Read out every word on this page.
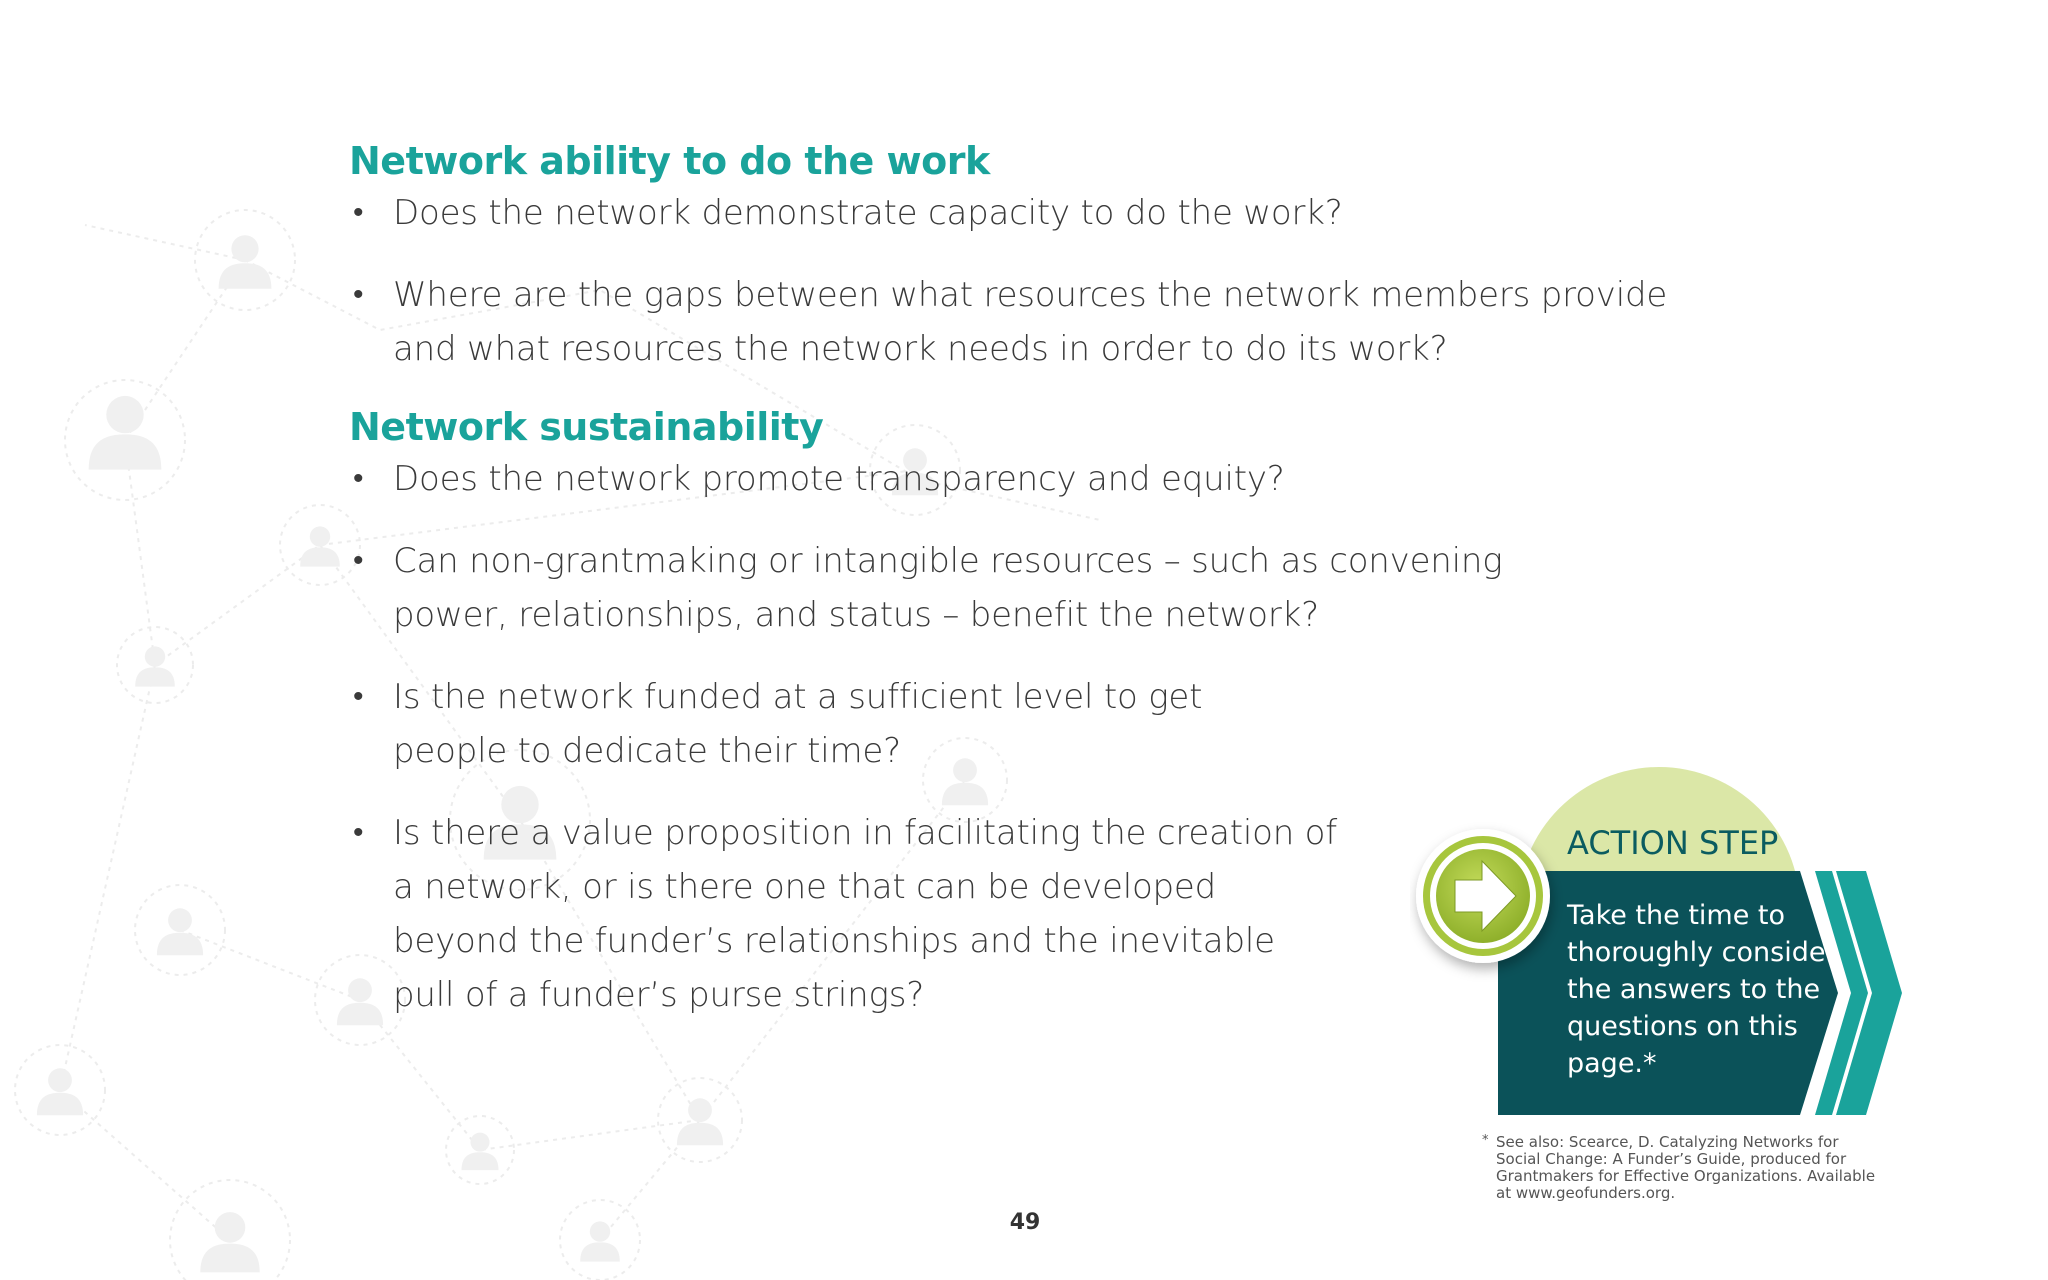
Network ability to do the work
• Does the network demonstrate capacity to do the work?
• Where are the gaps between what resources the network members provide and what resources the network needs in order to do its work?
Network sustainability
• Does the network promote transparency and equity?
• Can non-grantmaking or intangible resources – such as convening power, relationships, and status – benefit the network?
• Is the network funded at a sufficient level to get people to dedicate their time?
• Is there a value proposition in facilitating the creation of a network, or is there one that can be developed beyond the funder’s relationships and the inevitable pull of a funder’s purse strings?
ACTION STEP
Take the time to thoroughly consider the answers to the questions on this page.*
* See also: Scearce, D. Catalyzing Networks for Social Change: A Funder’s Guide, produced for Grantmakers for Effective Organizations. Available at www.geofunders.org.
49
